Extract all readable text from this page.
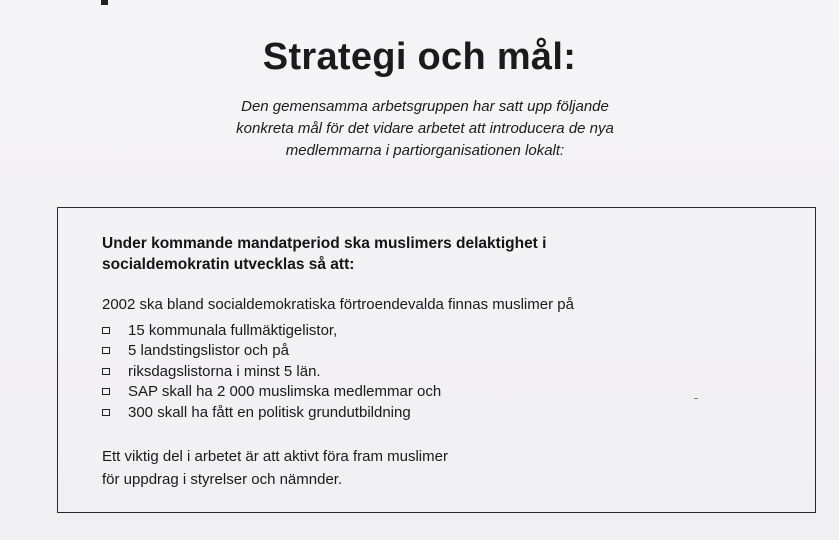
Strategi och mål:

Den gemensamma arbetsgruppen har satt upp följande
konkreta mål för det vidare arbetet att introducera de nya
medlemmarna i partiorganisationen lokalt:

Under kommande mandatperiod ska muslimers delaktighet i
socialdemokratin utvecklas så att:

2002 ska bland socialdemokratiska förtroendevalda finnas muslimer på

15 kommunala fullmäktigelistor,
5 landstingslistor och på
riksdagslistorna i minst 5 län.
SAP skall ha 2 000 muslimska medlemmar och
300 skall ha fått en politisk grundutbildning

Ett viktig del i arbetet är att aktivt föra fram muslimer
för uppdrag i styrelser och nämnder.
